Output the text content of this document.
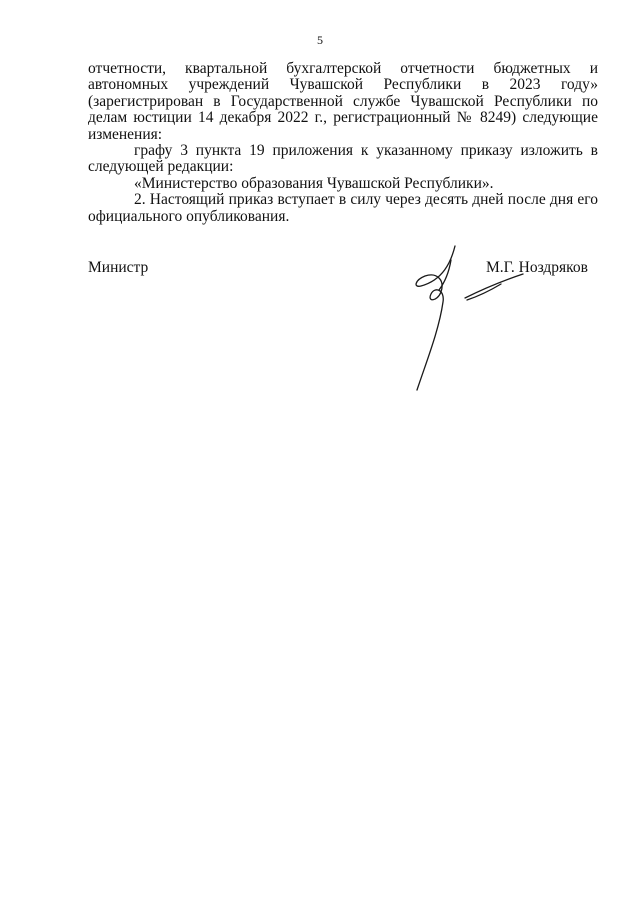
5

отчетности, квартальной бухгалтерской отчетности бюджетных и автономных учреждений Чувашской Республики в 2023 году» (зарегистрирован в Государственной службе Чувашской Республики по делам юстиции 14 декабря 2022 г., регистрационный № 8249) следующие изменения:

графу 3 пункта 19 приложения к указанному приказу изложить в следующей редакции:

«Министерство образования Чувашской Республики».

2. Настоящий приказ вступает в силу через десять дней после дня его официального опубликования.

Министр	М.Г. Ноздряков
